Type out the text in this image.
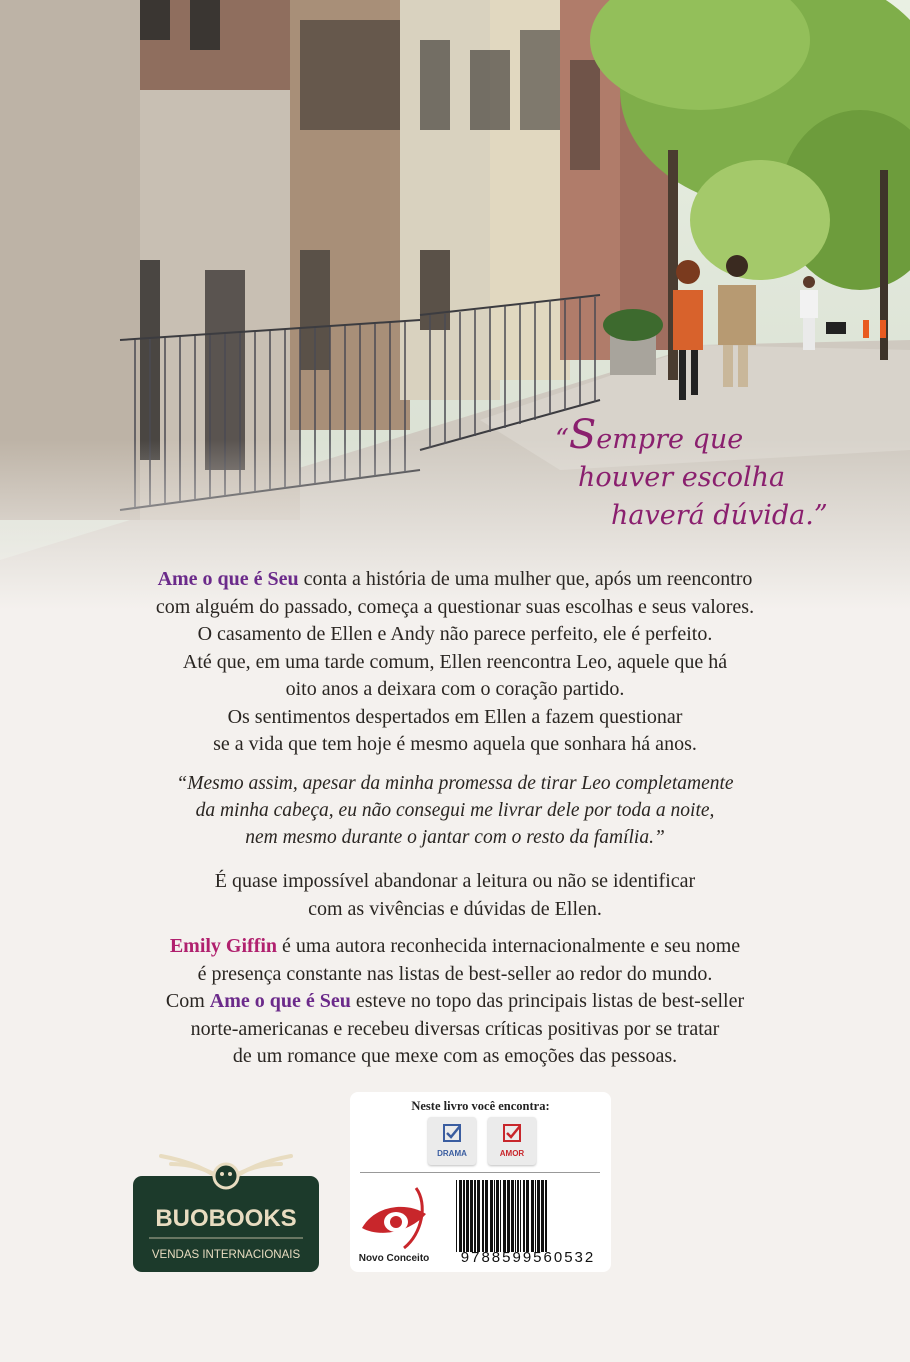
“Sempre que
houver escolha
haverá dúvida.”
Ame o que é Seu conta a história de uma mulher que, após um reencontro
com alguém do passado, começa a questionar suas escolhas e seus valores.
O casamento de Ellen e Andy não parece perfeito, ele é perfeito.
Até que, em uma tarde comum, Ellen reencontra Leo, aquele que há
oito anos a deixara com o coração partido.
Os sentimentos despertados em Ellen a fazem questionar
se a vida que tem hoje é mesmo aquela que sonhara há anos.
“Mesmo assim, apesar da minha promessa de tirar Leo completamente
da minha cabeça, eu não consegui me livrar dele por toda a noite,
nem mesmo durante o jantar com o resto da família.”
É quase impossível abandonar a leitura ou não se identificar
com as vivências e dúvidas de Ellen.
Emily Giffin é uma autora reconhecida internacionalmente e seu nome
é presença constante nas listas de best-seller ao redor do mundo.
Com Ame o que é Seu esteve no topo das principais listas de best-seller
norte-americanas e recebeu diversas críticas positivas por se tratar
de um romance que mexe com as emoções das pessoas.
BUOBOOKS
VENDAS INTERNACIONAIS
Neste livro você encontra:
DRAMA	AMOR
Novo Conceito	9788599560532
